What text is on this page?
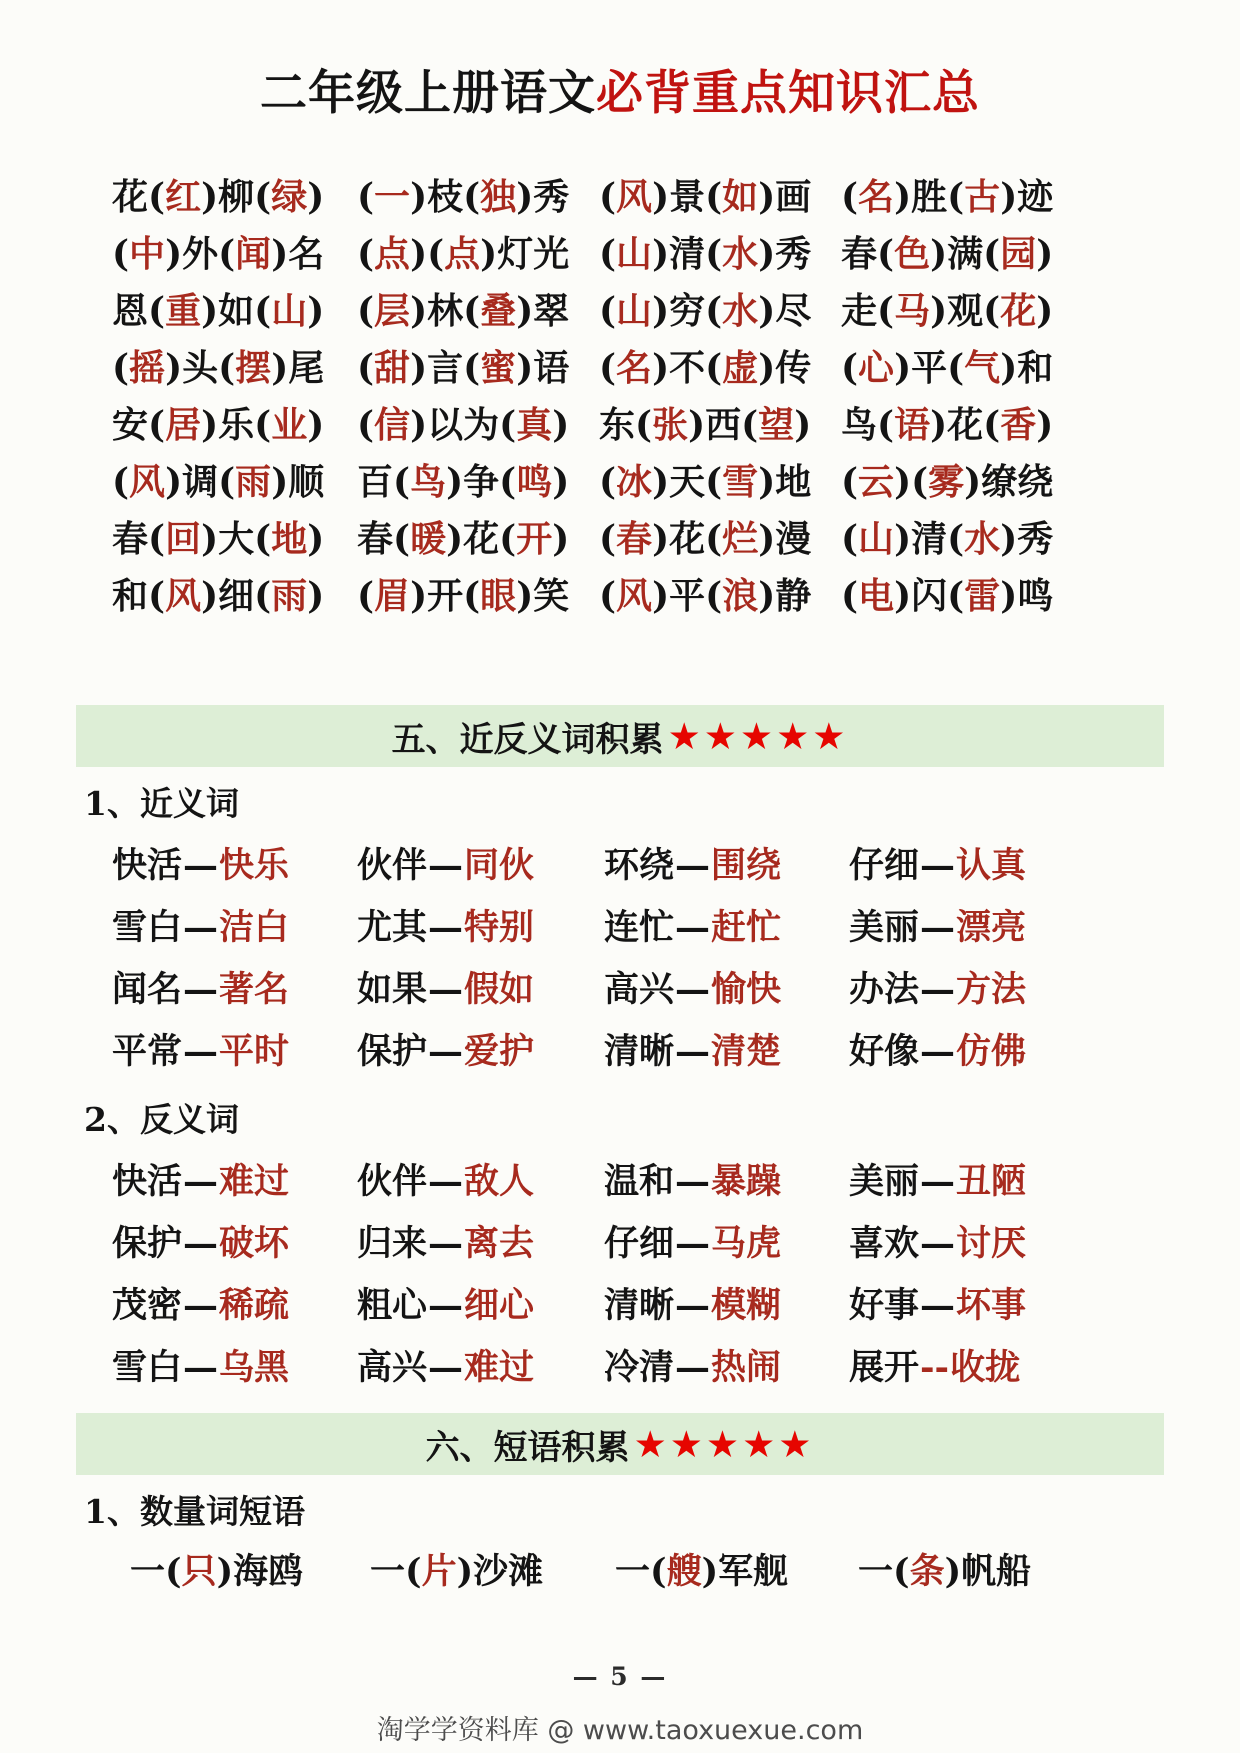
二年级上册语文必背重点知识汇总
花(红)柳(绿) (一)枝(独)秀 (风)景(如)画 (名)胜(古)迹
(中)外(闻)名 (点)(点)灯光 (山)清(水)秀 春(色)满(园)
恩(重)如(山) (层)林(叠)翠 (山)穷(水)尽 走(马)观(花)
(摇)头(摆)尾 (甜)言(蜜)语 (名)不(虚)传 (心)平(气)和
安(居)乐(业) (信)以为(真) 东(张)西(望) 鸟(语)花(香)
(风)调(雨)顺 百(鸟)争(鸣) (冰)天(雪)地 (云)(雾)缭绕
春(回)大(地) 春(暖)花(开) (春)花(烂)漫 (山)清(水)秀
和(风)细(雨) (眉)开(眼)笑 (风)平(浪)静 (电)闪(雷)鸣
五、近反义词积累 ★★★★★
1、近义词
快活—快乐	伙伴—同伙	环绕—围绕	仔细—认真
雪白—洁白	尤其—特别	连忙—赶忙	美丽—漂亮
闻名—著名	如果—假如	高兴—愉快	办法—方法
平常—平时	保护—爱护	清晰—清楚	好像—仿佛
2、反义词
快活—难过	伙伴—敌人	温和—暴躁	美丽—丑陋
保护—破坏	归来—离去	仔细—马虎	喜欢—讨厌
茂密—稀疏	粗心—细心	清晰—模糊	好事—坏事
雪白—乌黑	高兴—难过	冷清—热闹	展开--收拢
六、短语积累 ★★★★★
1、数量词短语
一(只)海鸥	一(片)沙滩	一(艘)军舰	一(条)帆船
— 5 —
淘学学资料库 @ www.taoxuexue.com
